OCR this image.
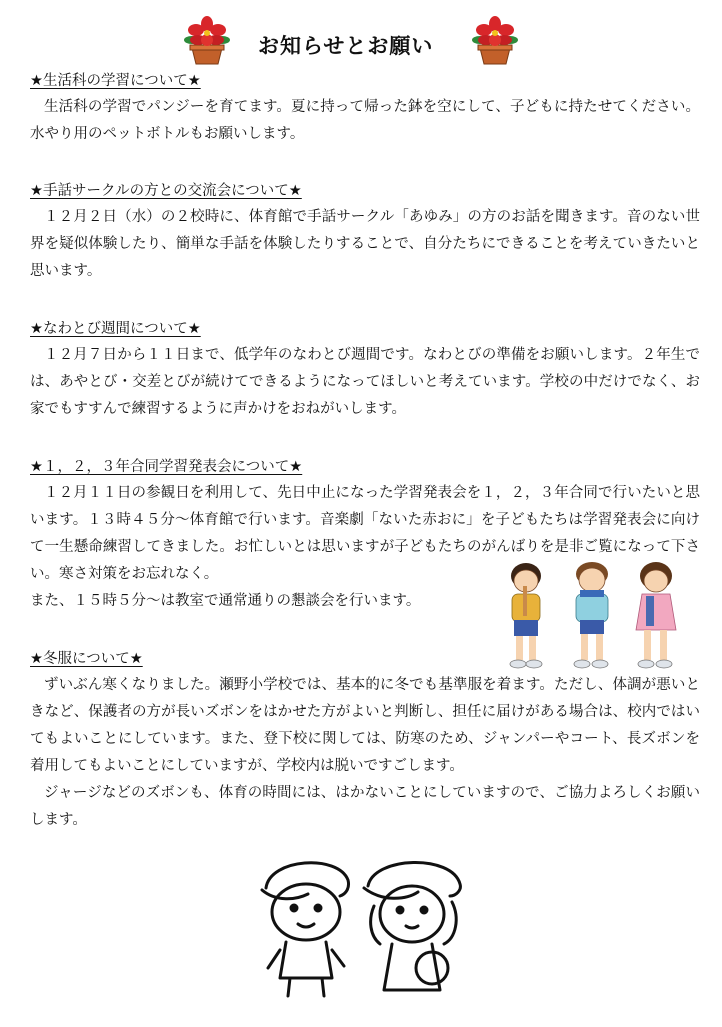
お知らせとお願い
★生活科の学習について★

生活科の学習でパンジーを育てます。夏に持って帰った鉢を空にして、子どもに持たせてください。水やり用のペットボトルもお願いします。

★手話サークルの方との交流会について★

１２月２日（水）の２校時に、体育館で手話サークル「あゆみ」の方のお話を聞きます。音のない世界を疑似体験したり、簡単な手話を体験したりすることで、自分たちにできることを考えていきたいと思います。

★なわとび週間について★

１２月７日から１１日まで、低学年のなわとび週間です。なわとびの準備をお願いします。２年生では、あやとび・交差とびが続けてできるようになってほしいと考えています。学校の中だけでなく、お家でもすすんで練習するように声かけをおねがいします。

★１，２，３年合同学習発表会について★

１２月１１日の参観日を利用して、先日中止になった学習発表会を１，２，３年合同で行いたいと思います。１３時４５分～体育館で行います。音楽劇「ないた赤おに」を子どもたちは学習発表会に向けて一生懸命練習してきました。お忙しいとは思いますが子どもたちのがんばりを是非ご覧になって下さい。寒さ対策をお忘れなく。

また、１５時５分～は教室で通常通りの懇談会を行います。

★冬服について★

ずいぶん寒くなりました。瀬野小学校では、基本的に冬でも基準服を着ます。ただし、体調が悪いときなど、保護者の方が長いズボンをはかせた方がよいと判断し、担任に届けがある場合は、校内ではいてもよいことにしています。また、登下校に関しては、防寒のため、ジャンパーやコート、長ズボンを着用してもよいことにしていますが、学校内は脱いですごします。

ジャージなどのズボンも、体育の時間には、はかないことにしていますので、ご協力よろしくお願いします。
